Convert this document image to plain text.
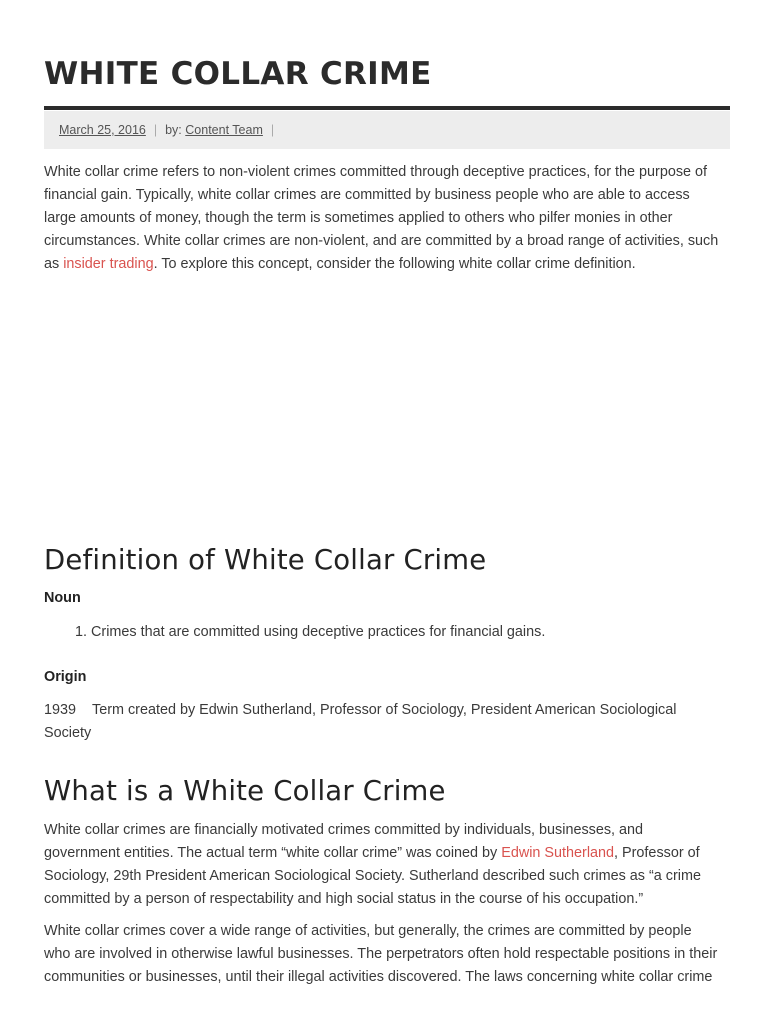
WHITE COLLAR CRIME
March 25, 2016 | by: Content Team |

White collar crime refers to non-violent crimes committed through deceptive practices, for the purpose of
financial gain. Typically, white collar crimes are committed by business people who are able to access
large amounts of money, though the term is sometimes applied to others who pilfer monies in other
circumstances. White collar crimes are non-violent, and are committed by a broad range of activities, such
as insider trading. To explore this concept, consider the following white collar crime definition.

Definition of White Collar Crime
Noun
1. Crimes that are committed using deceptive practices for financial gains.
Origin

1939 Term created by Edwin Sutherland, Professor of Sociology, President American Sociological
Society

What is a White Collar Crime

White collar crimes are financially motivated crimes committed by individuals, businesses, and
government entities. The actual term “white collar crime” was coined by Edwin Sutherland, Professor of
Sociology, 29th President American Sociological Society. Sutherland described such crimes as “a crime
committed by a person of respectability and high social status in the course of his occupation.”

White collar crimes cover a wide range of activities, but generally, the crimes are committed by people
who are involved in otherwise lawful businesses. The perpetrators often hold respectable positions in their
communities or businesses, until their illegal activities discovered. The laws concerning white collar crime
